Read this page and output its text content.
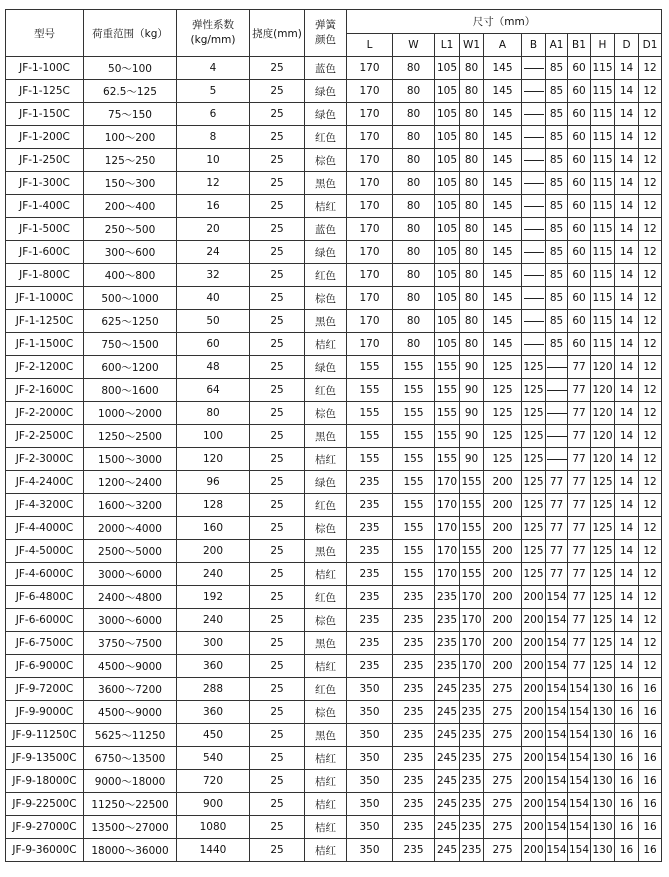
型号	荷重范围（kg）	弹性系数
(kg/mm)	挠度(mm)	弹簧
颜色	尺寸（mm）										
					L	W	L1	W1	A	B	A1	B1	H	D	D1
JF-1-100C	50～100	4	25	蓝色	170	80	105	80	145		85	60	115	14	12
JF-1-125C	62.5～125	5	25	绿色	170	80	105	80	145		85	60	115	14	12
JF-1-150C	75～150	6	25	绿色	170	80	105	80	145		85	60	115	14	12
JF-1-200C	100～200	8	25	红色	170	80	105	80	145		85	60	115	14	12
JF-1-250C	125～250	10	25	棕色	170	80	105	80	145		85	60	115	14	12
JF-1-300C	150～300	12	25	黑色	170	80	105	80	145		85	60	115	14	12
JF-1-400C	200～400	16	25	桔红	170	80	105	80	145		85	60	115	14	12
JF-1-500C	250～500	20	25	蓝色	170	80	105	80	145		85	60	115	14	12
JF-1-600C	300～600	24	25	绿色	170	80	105	80	145		85	60	115	14	12
JF-1-800C	400～800	32	25	红色	170	80	105	80	145		85	60	115	14	12
JF-1-1000C	500～1000	40	25	棕色	170	80	105	80	145		85	60	115	14	12
JF-1-1250C	625～1250	50	25	黑色	170	80	105	80	145		85	60	115	14	12
JF-1-1500C	750～1500	60	25	桔红	170	80	105	80	145		85	60	115	14	12
JF-2-1200C	600～1200	48	25	绿色	155	155	155	90	125	125		77	120	14	12
JF-2-1600C	800～1600	64	25	红色	155	155	155	90	125	125		77	120	14	12
JF-2-2000C	1000～2000	80	25	棕色	155	155	155	90	125	125		77	120	14	12
JF-2-2500C	1250～2500	100	25	黑色	155	155	155	90	125	125		77	120	14	12
JF-2-3000C	1500～3000	120	25	桔红	155	155	155	90	125	125		77	120	14	12
JF-4-2400C	1200～2400	96	25	绿色	235	155	170	155	200	125	77	77	125	14	12
JF-4-3200C	1600～3200	128	25	红色	235	155	170	155	200	125	77	77	125	14	12
JF-4-4000C	2000～4000	160	25	棕色	235	155	170	155	200	125	77	77	125	14	12
JF-4-5000C	2500～5000	200	25	黑色	235	155	170	155	200	125	77	77	125	14	12
JF-4-6000C	3000～6000	240	25	桔红	235	155	170	155	200	125	77	77	125	14	12
JF-6-4800C	2400～4800	192	25	红色	235	235	235	170	200	200	154	77	125	14	12
JF-6-6000C	3000～6000	240	25	棕色	235	235	235	170	200	200	154	77	125	14	12
JF-6-7500C	3750～7500	300	25	黑色	235	235	235	170	200	200	154	77	125	14	12
JF-6-9000C	4500～9000	360	25	桔红	235	235	235	170	200	200	154	77	125	14	12
JF-9-7200C	3600～7200	288	25	红色	350	235	245	235	275	200	154	154	130	16	16
JF-9-9000C	4500～9000	360	25	棕色	350	235	245	235	275	200	154	154	130	16	16
JF-9-11250C	5625～11250	450	25	黑色	350	235	245	235	275	200	154	154	130	16	16
JF-9-13500C	6750～13500	540	25	桔红	350	235	245	235	275	200	154	154	130	16	16
JF-9-18000C	9000～18000	720	25	桔红	350	235	245	235	275	200	154	154	130	16	16
JF-9-22500C	11250～22500	900	25	桔红	350	235	245	235	275	200	154	154	130	16	16
JF-9-27000C	13500～27000	1080	25	桔红	350	235	245	235	275	200	154	154	130	16	16
JF-9-36000C	18000～36000	1440	25	桔红	350	235	245	235	275	200	154	154	130	16	16
